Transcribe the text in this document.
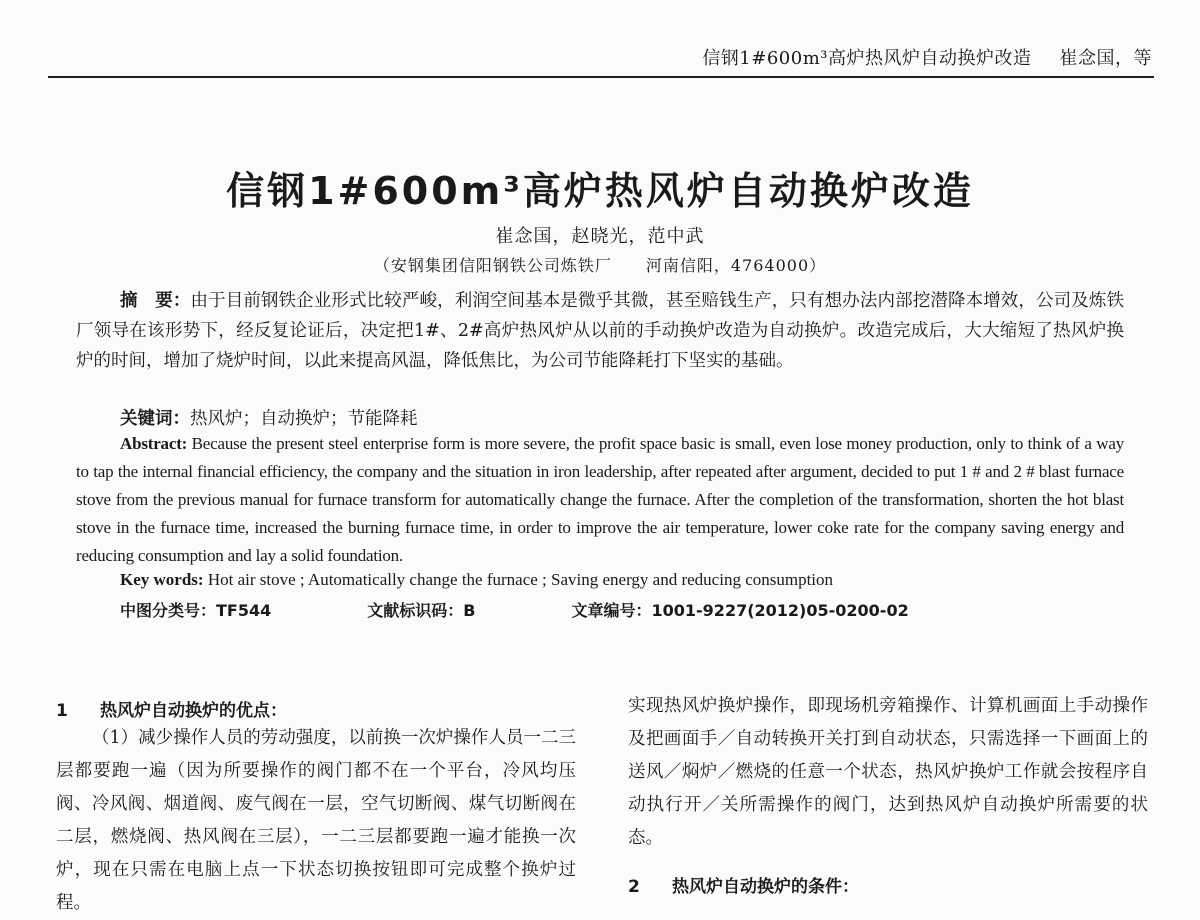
信钢1#600m³高炉热风炉自动换炉改造 崔念国，等
信钢1#600m³高炉热风炉自动换炉改造
崔念国，赵晓光，范中武
（安钢集团信阳钢铁公司炼铁厂　　河南信阳，4764000）
摘　要：由于目前钢铁企业形式比较严峻，利润空间基本是微乎其微，甚至赔钱生产，只有想办法内部挖潜降本增效，公司及炼铁厂领导在该形势下，经反复论证后，决定把1#、2#高炉热风炉从以前的手动换炉改造为自动换炉。改造完成后，大大缩短了热风炉换炉的时间，增加了烧炉时间，以此来提高风温，降低焦比，为公司节能降耗打下坚实的基础。
关键词：热风炉；自动换炉；节能降耗
Abstract: Because the present steel enterprise form is more severe, the profit space basic is small, even lose money production, only to think of a way to tap the internal financial efficiency, the company and the situation in iron leadership, after repeated after argument, decided to put 1 # and 2 # blast furnace stove from the previous manual for furnace transform for automatically change the furnace. After the completion of the transformation, shorten the hot blast stove in the furnace time, increased the burning furnace time, in order to improve the air temperature, lower coke rate for the company saving energy and reducing consumption and lay a solid foundation.
Key words: Hot air stove ; Automatically change the furnace ; Saving energy and reducing consumption
中图分类号：TF544	文献标识码：B	文章编号：1001-9227(2012)05-0200-02
1 热风炉自动换炉的优点：
（1）减少操作人员的劳动强度，以前换一次炉操作人员一二三层都要跑一遍（因为所要操作的阀门都不在一个平台，冷风均压阀、冷风阀、烟道阀、废气阀在一层，空气切断阀、煤气切断阀在二层，燃烧阀、热风阀在三层），一二三层都要跑一遍才能换一次炉，现在只需在电脑上点一下状态切换按钮即可完成整个换炉过程。
实现热风炉换炉操作，即现场机旁箱操作、计算机画面上手动操作及把画面手／自动转换开关打到自动状态，只需选择一下画面上的送风／焖炉／燃烧的任意一个状态，热风炉换炉工作就会按程序自动执行开／关所需操作的阀门，达到热风炉自动换炉所需要的状态。
2 热风炉自动换炉的条件：
